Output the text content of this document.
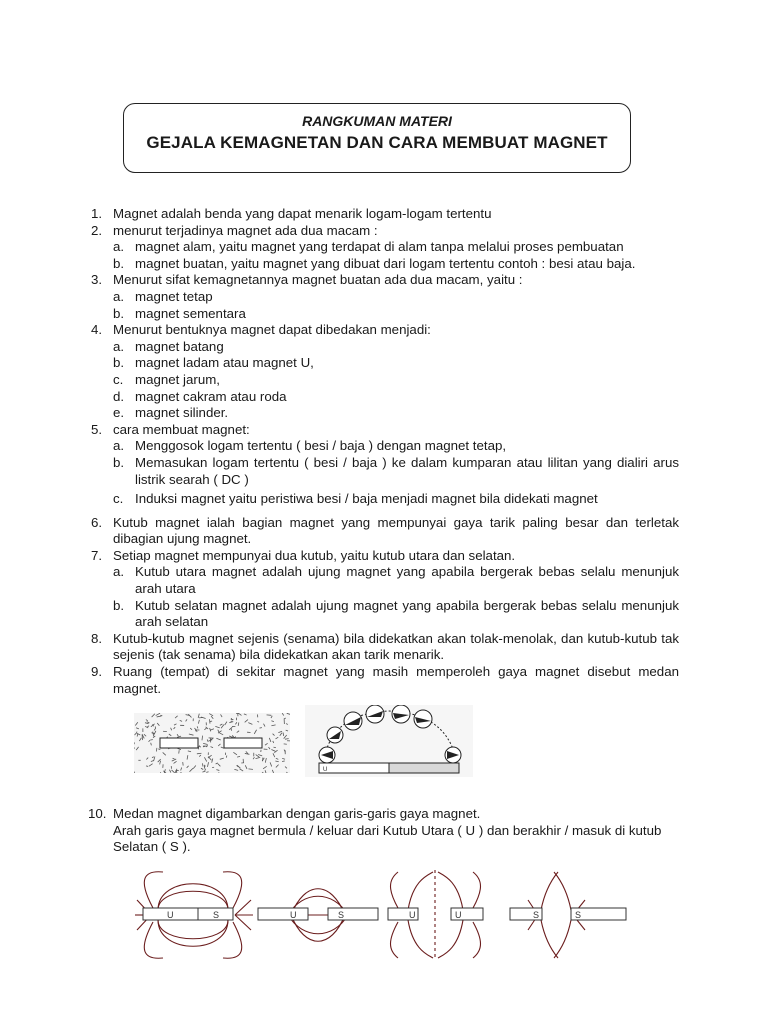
RANGKUMAN MATERI
GEJALA KEMAGNETAN DAN CARA MEMBUAT MAGNET
1. Magnet adalah benda yang dapat menarik logam-logam tertentu
2. menurut terjadinya magnet ada dua macam :
a. magnet alam, yaitu magnet yang terdapat di alam tanpa melalui proses pembuatan
b. magnet buatan, yaitu magnet yang dibuat dari logam tertentu contoh : besi atau baja.
3. Menurut sifat kemagnetannya magnet buatan ada dua macam, yaitu :
a. magnet tetap
b. magnet sementara
4. Menurut bentuknya magnet dapat dibedakan menjadi:
a. magnet batang
b. magnet ladam atau magnet U,
c. magnet jarum,
d. magnet cakram atau roda
e. magnet silinder.
5. cara membuat magnet:
a. Menggosok logam tertentu ( besi / baja ) dengan magnet tetap,
b. Memasukan logam tertentu ( besi / baja ) ke dalam kumparan atau lilitan yang dialiri arus listrik searah ( DC )
c. Induksi magnet yaitu peristiwa besi / baja menjadi magnet bila didekati magnet
6. Kutub magnet ialah bagian magnet yang mempunyai gaya tarik paling besar dan terletak dibagian ujung magnet.
7. Setiap magnet mempunyai dua kutub, yaitu kutub utara dan selatan.
a. Kutub utara magnet adalah ujung magnet yang apabila bergerak bebas selalu menunjuk arah utara
b. Kutub selatan magnet adalah ujung magnet yang apabila bergerak bebas selalu menunjuk arah selatan
8. Kutub-kutub magnet sejenis (senama) bila didekatkan akan tolak-menolak, dan kutub-kutub tak sejenis (tak senama) bila didekatkan akan tarik menarik.
9. Ruang (tempat) di sekitar magnet yang masih memperoleh gaya magnet disebut medan magnet.
10. Medan magnet digambarkan dengan garis-garis gaya magnet.
Arah garis gaya magnet bermula / keluar dari Kutub Utara ( U ) dan berakhir / masuk di kutub Selatan ( S ).
U
U	S	U	S	U	U	S	S
